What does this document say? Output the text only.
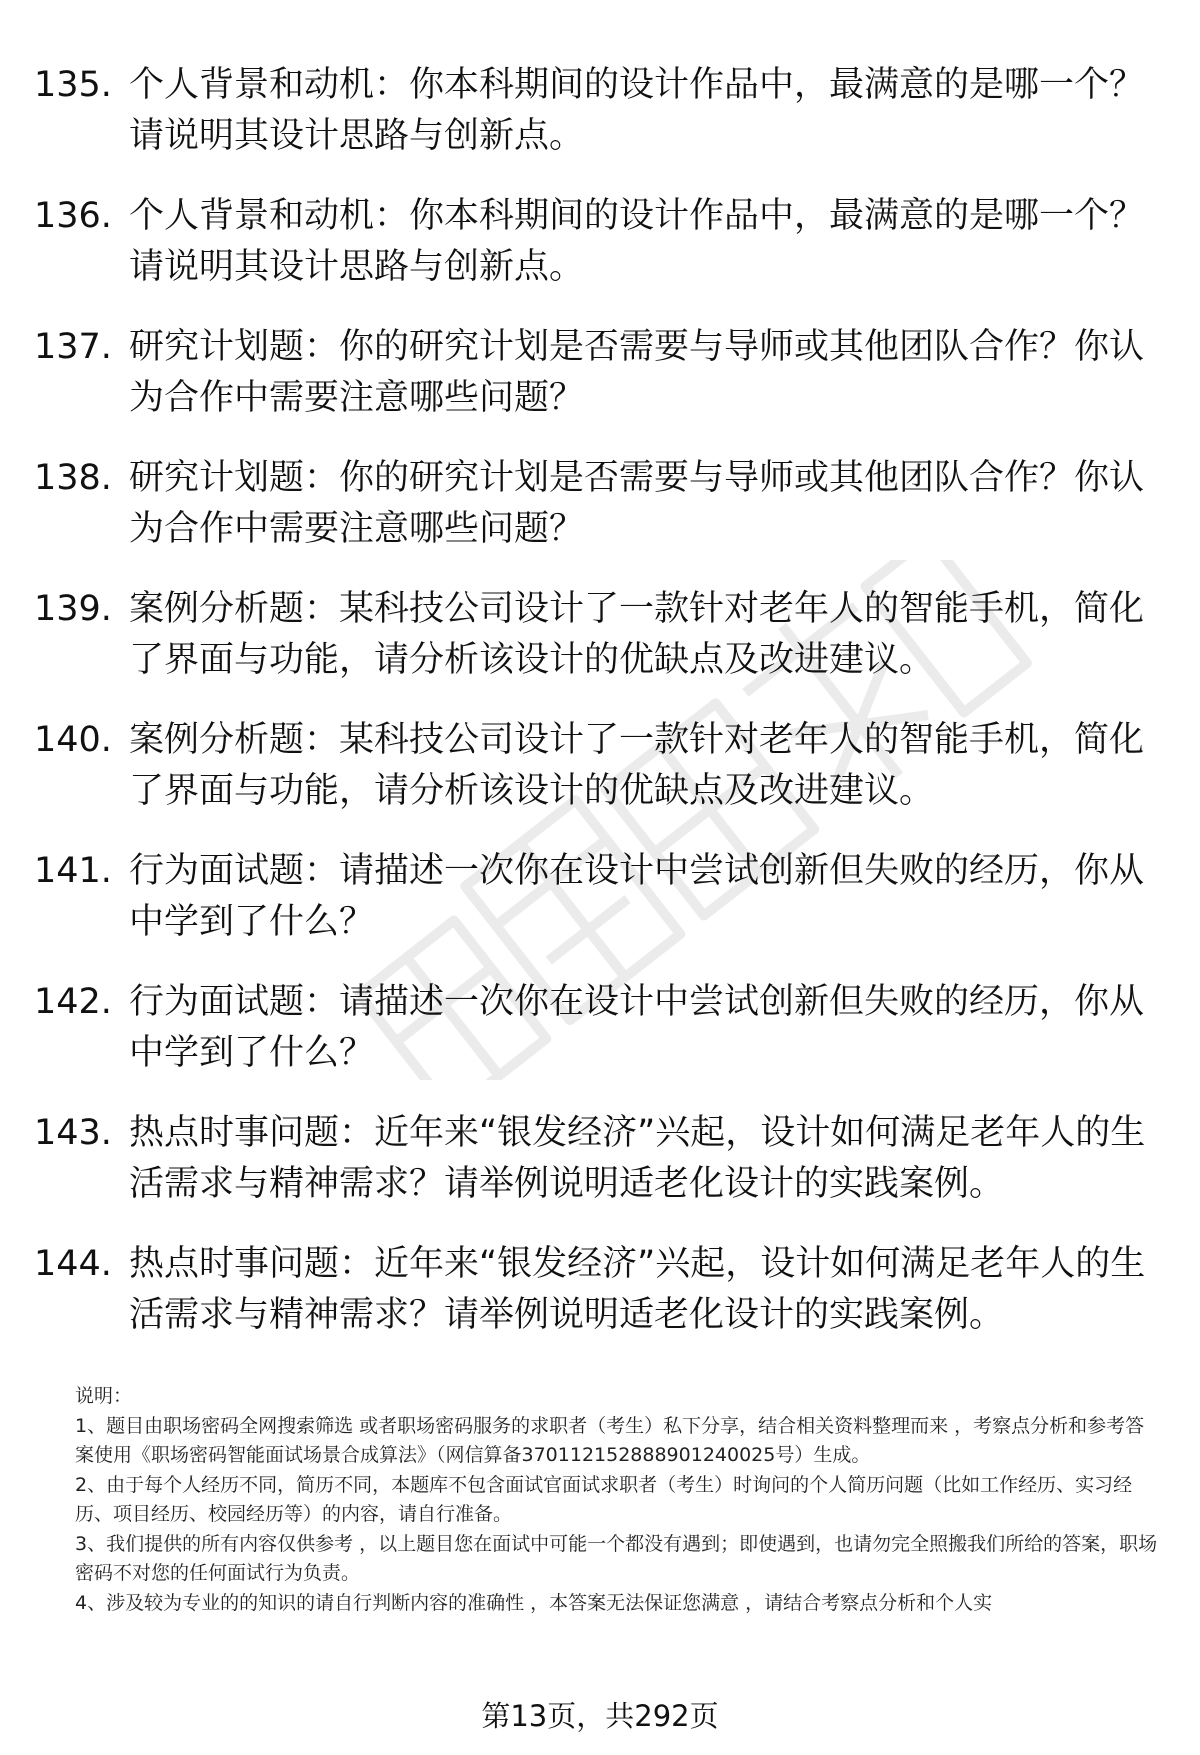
135. 个人背景和动机：你本科期间的设计作品中，最满意的是哪一个？请说明其设计思路与创新点。
136. 个人背景和动机：你本科期间的设计作品中，最满意的是哪一个？请说明其设计思路与创新点。
137. 研究计划题：你的研究计划是否需要与导师或其他团队合作？你认为合作中需要注意哪些问题？
138. 研究计划题：你的研究计划是否需要与导师或其他团队合作？你认为合作中需要注意哪些问题？
139. 案例分析题：某科技公司设计了一款针对老年人的智能手机，简化了界面与功能，请分析该设计的优缺点及改进建议。
140. 案例分析题：某科技公司设计了一款针对老年人的智能手机，简化了界面与功能，请分析该设计的优缺点及改进建议。
141. 行为面试题：请描述一次你在设计中尝试创新但失败的经历，你从中学到了什么？
142. 行为面试题：请描述一次你在设计中尝试创新但失败的经历，你从中学到了什么？
143. 热点时事问题：近年来“银发经济”兴起，设计如何满足老年人的生活需求与精神需求？请举例说明适老化设计的实践案例。
144. 热点时事问题：近年来“银发经济”兴起，设计如何满足老年人的生活需求与精神需求？请举例说明适老化设计的实践案例。

说明：

1、题目由职场密码全网搜索筛选 或者职场密码服务的求职者（考生）私下分享，结合相关资料整理而来 ，考察点分析和参考答案使用《职场密码智能面试场景合成算法》（网信算备370112152888901240025号）生成。

2、由于每个人经历不同，简历不同，本题库不包含面试官面试求职者（考生）时询问的个人简历问题（比如工作经历、实习经历、项目经历、校园经历等）的内容，请自行准备。

3、我们提供的所有内容仅供参考 ，以上题目您在面试中可能一个都没有遇到；即使遇到，也请勿完全照搬我们所给的答案，职场密码不对您的任何面试行为负责。

4、涉及较为专业的的知识的请自行判断内容的准确性 ，本答案无法保证您满意 ，请结合考察点分析和个人实

第13页，共292页
